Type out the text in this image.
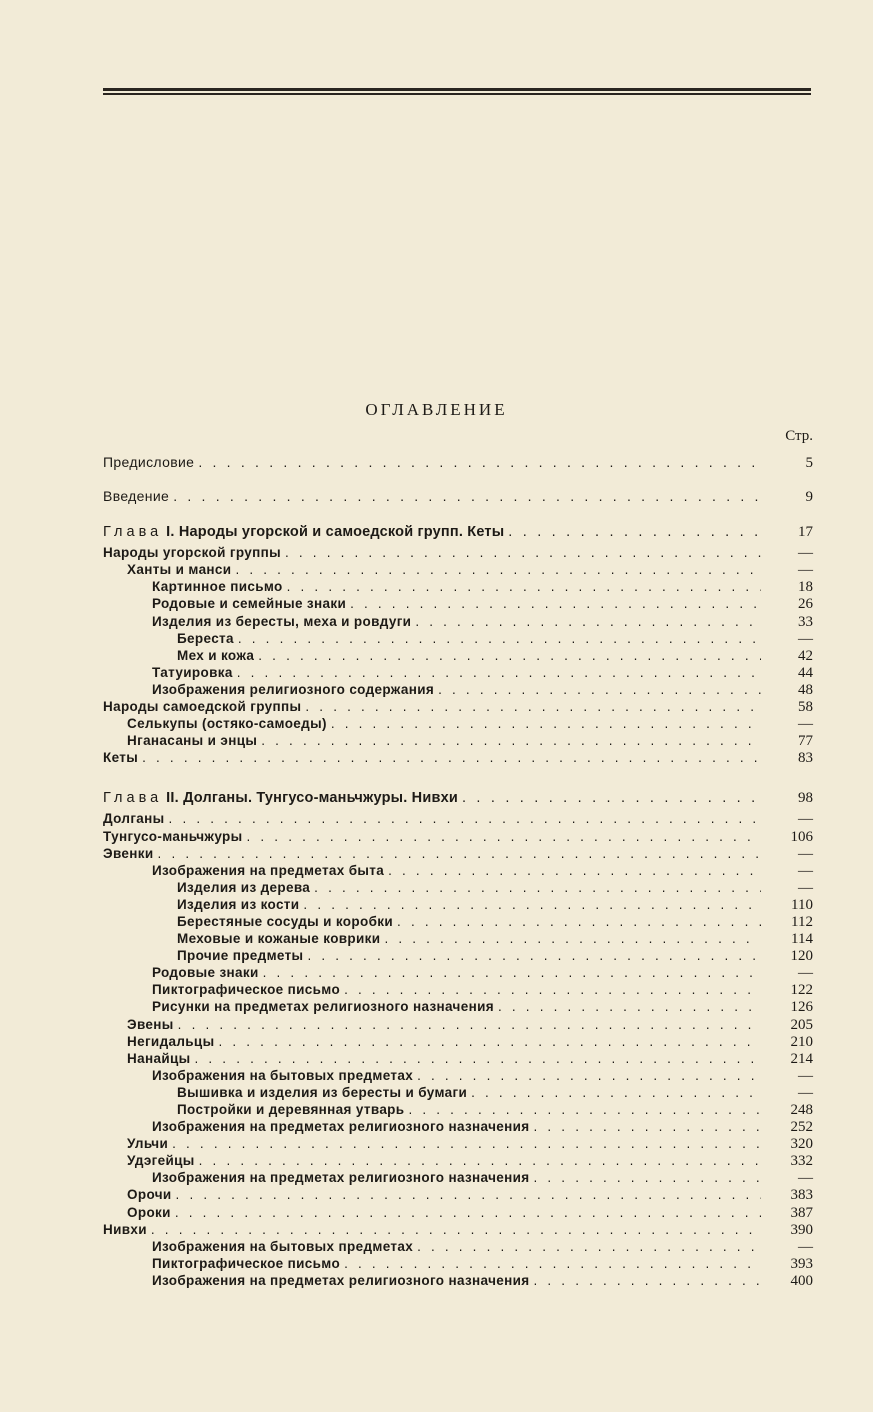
ОГЛАВЛЕНИЕ
Стр.
Предисловие . . .	5
Введение . . .	9
Глава I. Народы угорской и самоедской групп. Кеты . . .	17
Народы угорской группы . . .	—
Ханты и манси . . .	—
Картинное письмо . . .	18
Родовые и семейные знаки . . .	26
Изделия из бересты, меха и ровдуги . . .	33
Береста . . .	—
Мех и кожа . . .	42
Татуировка . . .	44
Изображения религиозного содержания . . .	48
Народы самоедской группы . . .	58
Селькупы (остяко-самоеды) . . .	—
Нганасаны и энцы . . .	77
Кеты . . .	83
Глава II. Долганы. Тунгусо-маньчжуры. Нивхи . . .	98
Долганы . . .	—
Тунгусо-маньчжуры . . .	106
Эвенки . . .	—
Изображения на предметах быта . . .	—
Изделия из дерева . . .	—
Изделия из кости . . .	110
Берестяные сосуды и коробки . . .	112
Меховые и кожаные коврики . . .	114
Прочие предметы . . .	120
Родовые знаки . . .	—
Пиктографическое письмо . . .	122
Рисунки на предметах религиозного назначения . . .	126
Эвены . . .	205
Негидальцы . . .	210
Нанайцы . . .	214
Изображения на бытовых предметах . . .	—
Вышивка и изделия из бересты и бумаги . . .	—
Постройки и деревянная утварь . . .	248
Изображения на предметах религиозного назначения . . .	252
Ульчи . . .	320
Удэгейцы . . .	332
Изображения на предметах религиозного назначения . . .	—
Орочи . . .	383
Ороки . . .	387
Нивхи . . .	390
Изображения на бытовых предметах . . .	—
Пиктографическое письмо . . .	393
Изображения на предметах религиозного назначения . . .	400
